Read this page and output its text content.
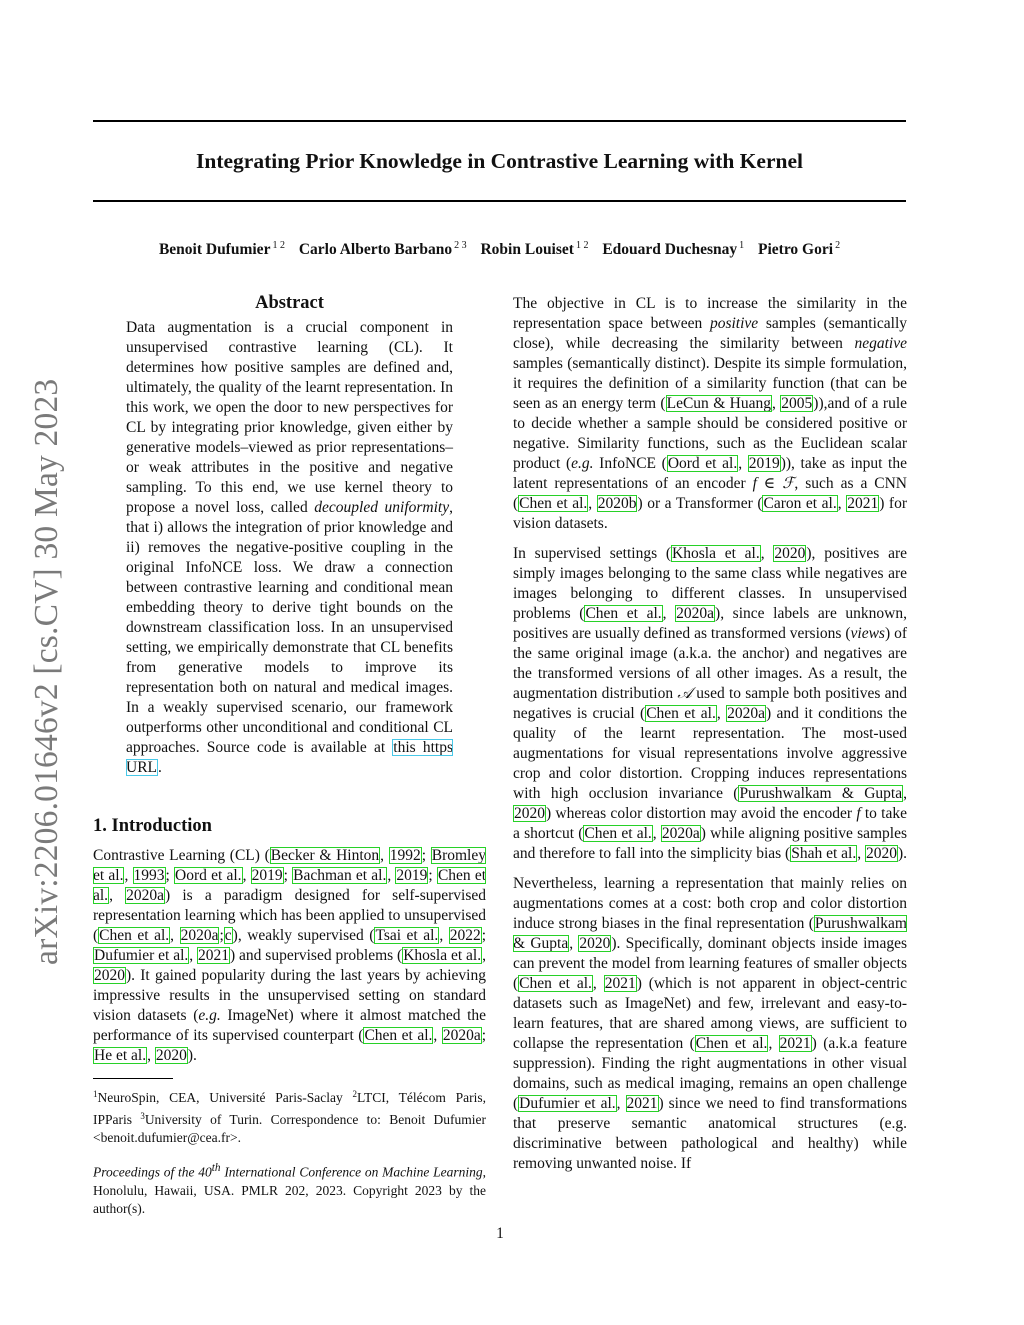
arXiv:2206.01646v2 [cs.CV] 30 May 2023
Integrating Prior Knowledge in Contrastive Learning with Kernel
Benoit Dufumier $^{1 2}$ Carlo Alberto Barbano $^{2 3}$ Robin Louiset $^{1 2}$ Edouard Duchesnay $^1$ Pietro Gori $^2$
Abstract

Data augmentation is a crucial component in unsupervised contrastive learning (CL). It determines how positive samples are defined and, ultimately, the quality of the learnt representation. In this work, we open the door to new perspectives for CL by integrating prior knowledge, given either by generative models–viewed as prior representations– or weak attributes in the positive and negative sampling. To this end, we use kernel theory to propose a novel loss, called decoupled uniformity, that i) allows the integration of prior knowledge and ii) removes the negative-positive coupling in the original InfoNCE loss. We draw a connection between contrastive learning and conditional mean embedding theory to derive tight bounds on the downstream classification loss. In an unsupervised setting, we empirically demonstrate that CL benefits from generative models to improve its representation both on natural and medical images. In a weakly supervised scenario, our framework outperforms other unconditional and conditional CL approaches. Source code is available at this https URL.

1. Introduction

Contrastive Learning (CL) (Becker & Hinton, 1992; Bromley et al., 1993; Oord et al., 2019; Bachman et al., 2019; Chen et al., 2020a) is a paradigm designed for self-supervised representation learning which has been applied to unsupervised (Chen et al., 2020a;c), weakly supervised (Tsai et al., 2022; Dufumier et al., 2021) and supervised problems (Khosla et al., 2020). It gained popularity during the last years by achieving impressive results in the unsupervised setting on standard vision datasets (e.g. ImageNet) where it almost matched the performance of its supervised counterpart (Chen et al., 2020a; He et al., 2020).

$^1$NeuroSpin, CEA, Université Paris-Saclay $^2$LTCI, Télécom Paris, IPParis $^3$University of Turin. Correspondence to: Benoit Dufumier <benoit.dufumier@cea.fr>.

Proceedings of the 40th International Conference on Machine Learning, Honolulu, Hawaii, USA. PMLR 202, 2023. Copyright 2023 by the author(s).

The objective in CL is to increase the similarity in the representation space between positive samples (semantically close), while decreasing the similarity between negative samples (semantically distinct). Despite its simple formulation, it requires the definition of a similarity function (that can be seen as an energy term (LeCun & Huang, 2005)),and of a rule to decide whether a sample should be considered positive or negative. Similarity functions, such as the Euclidean scalar product (e.g. InfoNCE (Oord et al., 2019)), take as input the latent representations of an encoder f ∈ ℱ, such as a CNN (Chen et al., 2020b) or a Transformer (Caron et al., 2021) for vision datasets.

In supervised settings (Khosla et al., 2020), positives are simply images belonging to the same class while negatives are images belonging to different classes. In unsupervised problems (Chen et al., 2020a), since labels are unknown, positives are usually defined as transformed versions (views) of the same original image (a.k.a. the anchor) and negatives are the transformed versions of all other images. As a result, the augmentation distribution 𝒜 used to sample both positives and negatives is crucial (Chen et al., 2020a) and it conditions the quality of the learnt representation. The most-used augmentations for visual representations involve aggressive crop and color distortion. Cropping induces representations with high occlusion invariance (Purushwalkam & Gupta, 2020) whereas color distortion may avoid the encoder f to take a shortcut (Chen et al., 2020a) while aligning positive samples and therefore to fall into the simplicity bias (Shah et al., 2020).

Nevertheless, learning a representation that mainly relies on augmentations comes at a cost: both crop and color distortion induce strong biases in the final representation (Purushwalkam & Gupta, 2020). Specifically, dominant objects inside images can prevent the model from learning features of smaller objects (Chen et al., 2021) (which is not apparent in object-centric datasets such as ImageNet) and few, irrelevant and easy-to-learn features, that are shared among views, are sufficient to collapse the representation (Chen et al., 2021) (a.k.a feature suppression). Finding the right augmentations in other visual domains, such as medical imaging, remains an open challenge (Dufumier et al., 2021) since we need to find transformations that preserve semantic anatomical structures (e.g. discriminative between pathological and healthy) while removing unwanted noise. If

1
